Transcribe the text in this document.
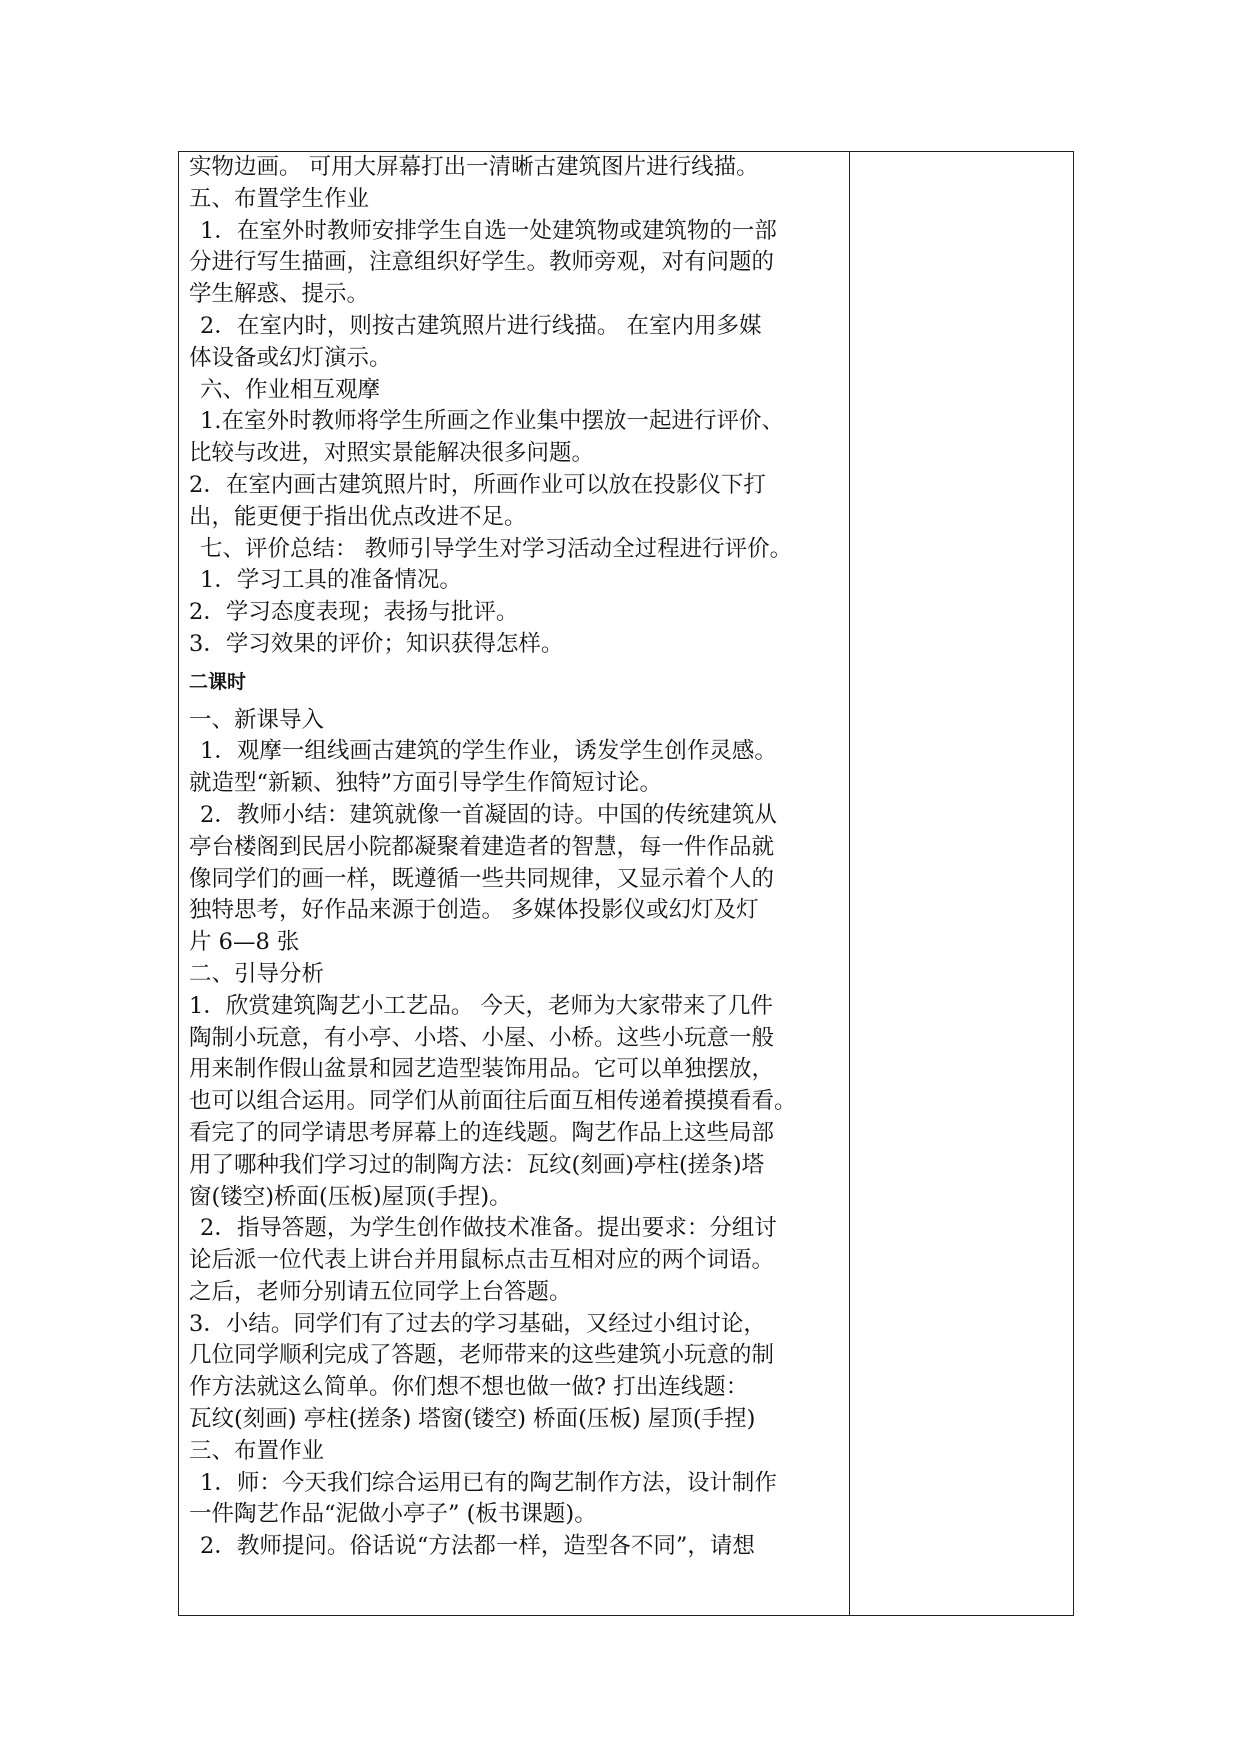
实物边画。 可用大屏幕打出一清晰古建筑图片进行线描。
五、布置学生作业
1．在室外时教师安排学生自选一处建筑物或建筑物的一部
分进行写生描画，注意组织好学生。教师旁观，对有问题的
学生解惑、提示。
2．在室内时，则按古建筑照片进行线描。 在室内用多媒
体设备或幻灯演示。
六、作业相互观摩
1.在室外时教师将学生所画之作业集中摆放一起进行评价、
比较与改进，对照实景能解决很多问题。
2．在室内画古建筑照片时，所画作业可以放在投影仪下打
出，能更便于指出优点改进不足。
七、评价总结： 教师引导学生对学习活动全过程进行评价。
1．学习工具的准备情况。
2．学习态度表现；表扬与批评。
3．学习效果的评价；知识获得怎样。
二课时
一、新课导入
1．观摩一组线画古建筑的学生作业，诱发学生创作灵感。
就造型“新颖、独特”方面引导学生作简短讨论。
2．教师小结：建筑就像一首凝固的诗。中国的传统建筑从
亭台楼阁到民居小院都凝聚着建造者的智慧，每一件作品就
像同学们的画一样，既遵循一些共同规律，又显示着个人的
独特思考，好作品来源于创造。 多媒体投影仪或幻灯及灯
片 6—8 张
二、引导分析
1．欣赏建筑陶艺小工艺品。 今天，老师为大家带来了几件
陶制小玩意，有小亭、小塔、小屋、小桥。这些小玩意一般
用来制作假山盆景和园艺造型装饰用品。它可以单独摆放，
也可以组合运用。同学们从前面往后面互相传递着摸摸看看。
看完了的同学请思考屏幕上的连线题。陶艺作品上这些局部
用了哪种我们学习过的制陶方法：瓦纹(刻画)亭柱(搓条)塔
窗(镂空)桥面(压板)屋顶(手捏)。
2．指导答题，为学生创作做技术准备。提出要求：分组讨
论后派一位代表上讲台并用鼠标点击互相对应的两个词语。
之后，老师分别请五位同学上台答题。
3．小结。同学们有了过去的学习基础，又经过小组讨论，
几位同学顺利完成了答题，老师带来的这些建筑小玩意的制
作方法就这么简单。你们想不想也做一做? 打出连线题：
瓦纹(刻画) 亭柱(搓条) 塔窗(镂空) 桥面(压板) 屋顶(手捏)
三、布置作业
1．师：今天我们综合运用已有的陶艺制作方法，设计制作
一件陶艺作品“泥做小亭子” (板书课题)。
2．教师提问。俗话说“方法都一样，造型各不同”，请想
